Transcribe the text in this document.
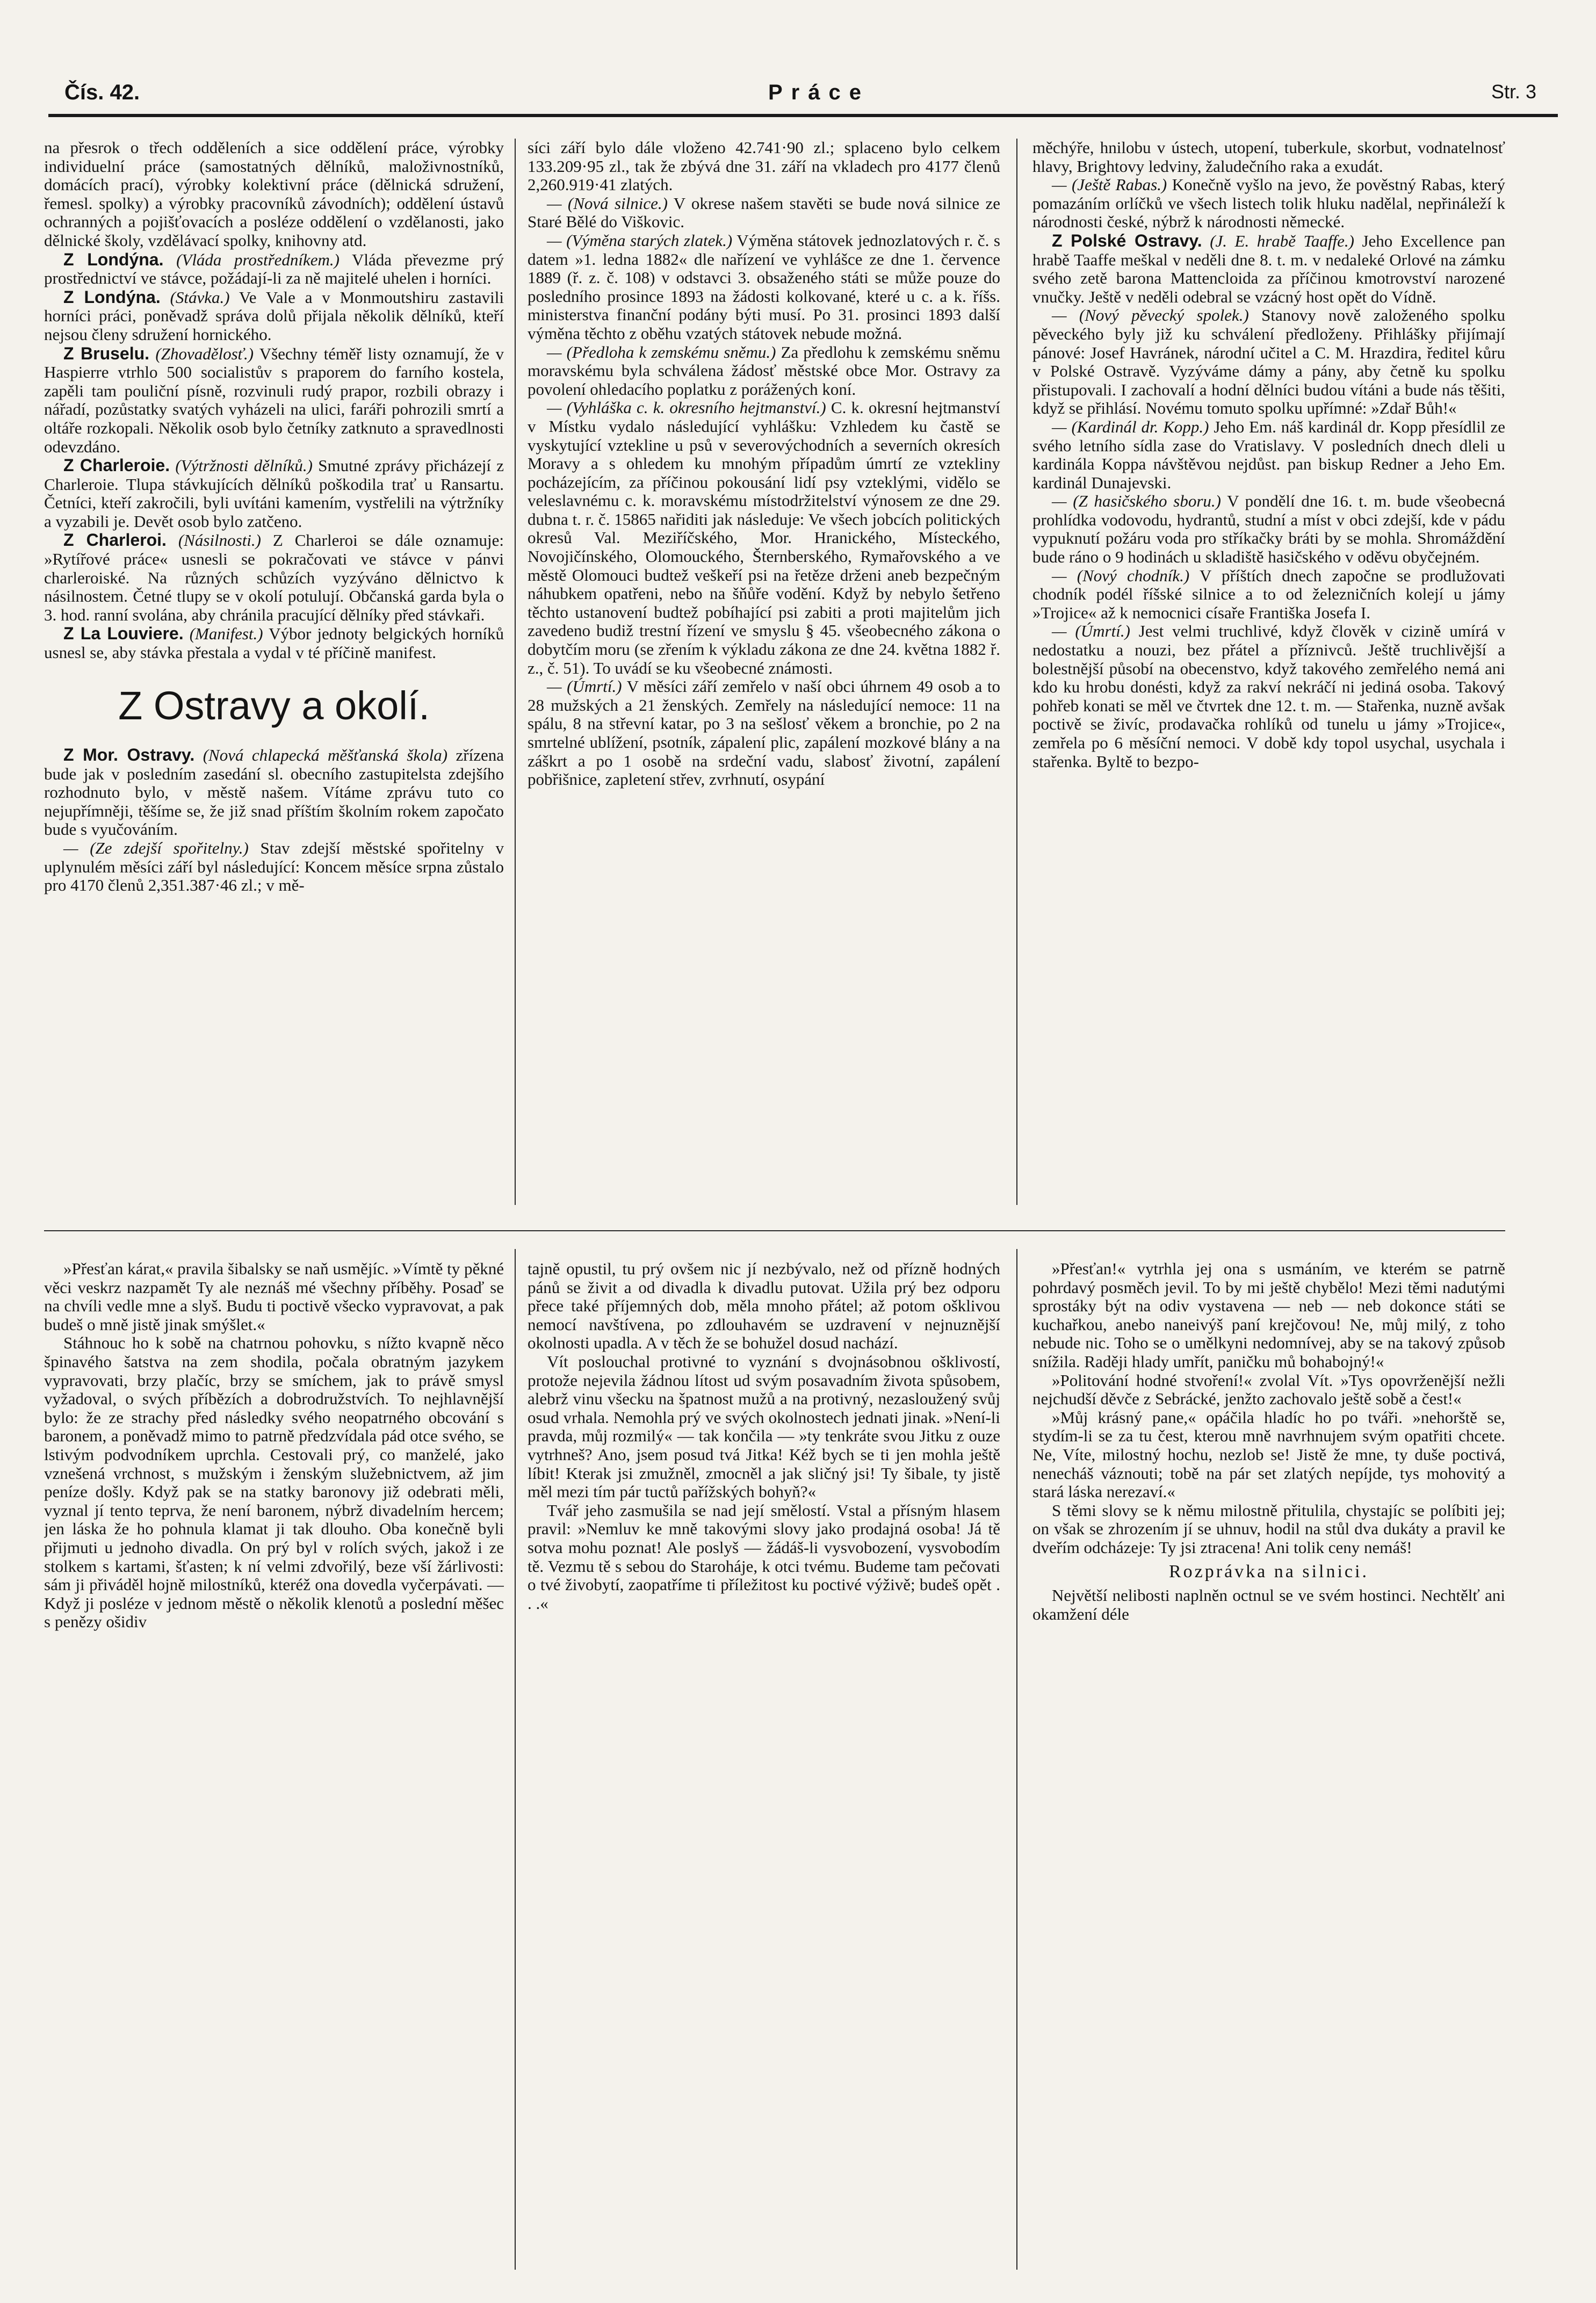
Čís. 42.	Práce	Str. 3

na přesrok o třech odděleních a sice oddělení práce, výrobky individuelní práce (samostatných dělníků, maloživnostníků, domácích prací), výrobky kolektivní práce (dělnická sdružení, řemesl. spolky) a výrobky pracovníků závodních); oddělení ústavů ochranných a pojišťovacích a posléze oddělení o vzdělanosti, jako dělnické školy, vzdělávací spolky, knihovny atd.

Z Londýna. (Vláda prostředníkem.) Vláda převezme prý prostřednictví ve stávce, požádají-li za ně majitelé uhelen i horníci.

Z Londýna. (Stávka.) Ve Vale a v Monmoutshiru zastavili horníci práci, poněvadž správa dolů přijala několik dělníků, kteří nejsou členy sdružení hornického.

Z Bruselu. (Zhovadělosť.) Všechny téměř listy oznamují, že v Haspierre vtrhlo 500 socialistův s praporem do farního kostela, zapěli tam pouliční písně, rozvinuli rudý prapor, rozbili obrazy i nářadí, pozůstatky svatých vyházeli na ulici, faráři pohrozili smrtí a oltáře rozkopali. Několik osob bylo četníky zatknuto a spravedlnosti odevzdáno.

Z Charleroie. (Výtržnosti dělníků.) Smutné zprávy přicházejí z Charleroie. Tlupa stávkujících dělníků poškodila trať u Ransartu. Četníci, kteří zakročili, byli uvítáni kamením, vystřelili na výtržníky a vyzabili je. Devět osob bylo zatčeno.

Z Charleroi. (Násilnosti.) Z Charleroi se dále oznamuje: »Rytířové práce« usnesli se pokračovati ve stávce v pánvi charleroiské. Na různých schůzích vyzýváno dělnictvo k násilnostem. Četné tlupy se v okolí potulují. Občanská garda byla o 3. hod. ranní svolána, aby chránila pracující dělníky před stávkaři.

Z La Louviere. (Manifest.) Výbor jednoty belgických horníků usnesl se, aby stávka přestala a vydal v té příčině manifest.

Z Ostravy a okolí.

Z Mor. Ostravy. (Nová chlapecká měšťanská škola) zřízena bude jak v posledním zasedání sl. obecního zastupitelsta zdejšího rozhodnuto bylo, v městě našem. Vítáme zprávu tuto co nejupřímněji, těšíme se, že již snad příštím školním rokem započato bude s vyučováním.

— (Ze zdejší spořitelny.) Stav zdejší městské spořitelny v uplynulém měsíci září byl následující: Koncem měsíce srpna zůstalo pro 4170 členů 2,351.387·46 zl.; v mě-

síci září bylo dále vloženo 42.741·90 zl.; splaceno bylo celkem 133.209·95 zl., tak že zbývá dne 31. září na vkladech pro 4177 členů 2,260.919·41 zlatých.

— (Nová silnice.) V okrese našem stavěti se bude nová silnice ze Staré Bělé do Viškovic.

— (Výměna starých zlatek.) Výměna státovek jednozlatových r. č. s datem »1. ledna 1882« dle nařízení ve vyhlášce ze dne 1. července 1889 (ř. z. č. 108) v odstavci 3. obsaženého státi se může pouze do posledního prosince 1893 na žádosti kolkované, které u c. a k. říšs. ministerstva finanční podány býti musí. Po 31. prosinci 1893 další výměna těchto z oběhu vzatých státovek nebude možná.

— (Předloha k zemskému sněmu.) Za předlohu k zemskému sněmu moravskému byla schválena žádosť městské obce Mor. Ostravy za povolení ohledacího poplatku z porážených koní.

— (Vyhláška c. k. okresního hejtmanství.) C. k. okresní hejtmanství v Místku vydalo následující vyhlášku: Vzhledem ku častě se vyskytující vztekline u psů v severovýchodních a severních okresích Moravy a s ohledem ku mnohým případům úmrtí ze vztekliny pocházejícím, za příčinou pokousání lidí psy vzteklými, vidělo se veleslavnému c. k. moravskému místodržitelství výnosem ze dne 29. dubna t. r. č. 15865 nařiditi jak následuje: Ve všech jobcích politických okresů Val. Meziříčského, Mor. Hranického, Místeckého, Novojičínského, Olomouckého, Šternberského, Rymařovského a ve městě Olomouci budtež veškeří psi na řetěze drženi aneb bezpečným náhubkem opatřeni, nebo na šňůře vodění. Když by nebylo šetřeno těchto ustanovení budtež pobíhající psi zabiti a proti majitelům jich zavedeno budiž trestní řízení ve smyslu § 45. všeobecného zákona o dobytčím moru (se zřením k výkladu zákona ze dne 24. května 1882 ř. z., č. 51). To uvádí se ku všeobecné známosti.

— (Úmrtí.) V měsíci září zemřelo v naší obci úhrnem 49 osob a to 28 mužských a 21 ženských. Zemřely na následující nemoce: 11 na spálu, 8 na střevní katar, po 3 na sešlosť věkem a bronchie, po 2 na smrtelné ublížení, psotník, zápalení plic, zapálení mozkové blány a na záškrt a po 1 osobě na srdeční vadu, slabosť životní, zapálení pobřišnice, zapletení střev, zvrhnutí, osypání

měchýře, hnilobu v ústech, utopení, tuberkule, skorbut, vodnatelnosť hlavy, Brightovy ledviny, žaludečního raka a exudát.

— (Ještě Rabas.) Konečně vyšlo na jevo, že pověstný Rabas, který pomazáním orlíčků ve všech listech tolik hluku nadělal, nepřináleží k národnosti české, nýbrž k národnosti německé.

Z Polské Ostravy. (J. E. hrabě Taaffe.) Jeho Excellence pan hrabě Taaffe meškal v neděli dne 8. t. m. v nedaleké Orlové na zámku svého zetě barona Mattencloida za příčinou kmotrovství narozené vnučky. Ještě v neděli odebral se vzácný host opět do Vídně.

— (Nový pěvecký spolek.) Stanovy nově založeného spolku pěveckého byly již ku schválení předloženy. Přihlášky přijímají pánové: Josef Havránek, národní učitel a C. M. Hrazdira, ředitel kůru v Polské Ostravě. Vyzýváme dámy a pány, aby četně ku spolku přistupovali. I zachovalí a hodní dělníci budou vítáni a bude nás těšiti, když se přihlásí. Novému tomuto spolku upřímné: »Zdař Bůh!«

— (Kardinál dr. Kopp.) Jeho Em. náš kardinál dr. Kopp přesídlil ze svého letního sídla zase do Vratislavy. V posledních dnech dleli u kardinála Koppa návštěvou nejdůst. pan biskup Redner a Jeho Em. kardinál Dunajevski.

— (Z hasičského sboru.) V pondělí dne 16. t. m. bude všeobecná prohlídka vodovodu, hydrantů, studní a míst v obci zdejší, kde v pádu vypuknutí požáru voda pro stříkačky bráti by se mohla. Shromáždění bude ráno o 9 hodinách u skladiště hasičského v oděvu obyčejném.

— (Nový chodník.) V příštích dnech započne se prodlužovati chodník podél říšské silnice a to od železničních kolejí u jámy »Trojice« až k nemocnici císaře Františka Josefa I.

— (Úmrtí.) Jest velmi truchlivé, když člověk v cizině umírá v nedostatku a nouzi, bez přátel a příznivců. Ještě truchlivější a bolestnější působí na obecenstvo, když takového zemřelého nemá ani kdo ku hrobu donésti, když za rakví nekráčí ni jediná osoba. Takový pohřeb konati se měl ve čtvrtek dne 12. t. m. — Stařenka, nuzně avšak poctivě se živíc, prodavačka rohlíků od tunelu u jámy »Trojice«, zemřela po 6 měsíční nemoci. V době kdy topol usychal, usychala i stařenka. Byltě to bezpo-

»Přesťan kárat,« pravila šibalsky se naň usmějíc. »Vímtě ty pěkné věci veskrz nazpamět Ty ale neznáš mé všechny příběhy. Posaď se na chvíli vedle mne a slyš. Budu ti poctivě všecko vypravovat, a pak budeš o mně jistě jinak smýšlet.«

Stáhnouc ho k sobě na chatrnou pohovku, s nížto kvapně něco špinavého šatstva na zem shodila, počala obratným jazykem vypravovati, brzy plačíc, brzy se smíchem, jak to právě smysl vyžadoval, o svých příbězích a dobrodružstvích. To nejhlavnější bylo: že ze strachy před následky svého neopatrného obcování s baronem, a poněvadž mimo to patrně předzvídala pád otce svého, se lstivým podvodníkem uprchla. Cestovali prý, co manželé, jako vznešená vrchnost, s mužským i ženským služebnictvem, až jim peníze došly. Když pak se na statky baronovy již odebrati měli, vyznal jí tento teprva, že není baronem, nýbrž divadelním hercem; jen láska že ho pohnula klamat ji tak dlouho. Oba konečně byli přijmuti u jednoho divadla. On prý byl v rolích svých, jakož i ze stolkem s kartami, šťasten; k ní velmi zdvořilý, beze vší žárlivosti: sám ji přiváděl hojně milostníků, kteréž ona dovedla vyčerpávati. — Když ji posléze v jednom městě o několik klenotů a poslední měšec s penězy ošidiv

tajně opustil, tu prý ovšem nic jí nezbývalo, než od přízně hodných pánů se živit a od divadla k divadlu putovat. Užila prý bez odporu přece také příjemných dob, měla mnoho přátel; až potom ošklivou nemocí navštívena, po zdlouhavém se uzdravení v nejnuznější okolnosti upadla. A v těch že se bohužel dosud nachází.

Vít poslouchal protivné to vyznání s dvojnásobnou ošklivostí, protože nejevila žádnou lítost ud svým posavadním života spůsobem, alebrž vinu všecku na špatnost mužů a na protivný, nezasloužený svůj osud vrhala. Nemohla prý ve svých okolnostech jednati jinak. »Není-li pravda, můj rozmilý« — tak končila — »ty tenkráte svou Jitku z ouze vytrhneš? Ano, jsem posud tvá Jitka! Kéž bych se ti jen mohla ještě líbit! Kterak jsi zmužněl, zmocněl a jak sličný jsi! Ty šibale, ty jistě měl mezi tím pár tuctů pařížských bohyň?«

Tvář jeho zasmušila se nad její smělostí. Vstal a přísným hlasem pravil: »Nemluv ke mně takovými slovy jako prodajná osoba! Já tě sotva mohu poznat! Ale poslyš — žádáš-li vysvobození, vysvobodím tě. Vezmu tě s sebou do Starohájе, k otci tvému. Budeme tam pečovati o tvé živobytí, zaopatříme ti příležitost ku poctivé výživě; budeš opět . . .«

»Přesťan!« vytrhla jej ona s usmáním, ve kterém se patrně pohrdavý posměch jevil. To by mi ještě chybělo! Mezi těmi nadutými sprostáky být na odiv vystavena — neb — neb dokonce státi se kuchařkou, anebo naneivýš paní krejčovou! Ne, můj milý, z toho nebude nic. Toho se o umělkyni nedomnívej, aby se na takový způsob snížila. Raději hlady umřít, paničku mů bohabojný!«

»Politování hodné stvoření!« zvolal Vít. »Tys opovrženější nežli nejchudší děvče z Sebrácké, jenžto zachovalo ještě sobě a čest!«

»Můj krásný pane,« opáčila hladíc ho po tváři. »nehorště se, stydím-li se za tu čest, kterou mně navrhnujem svým opatřiti chcete. Ne, Víte, milostný hochu, nezlob se! Jistě že mne, ty duše poctivá, nenecháš váznouti; tobě na pár set zlatých nepíjde, tys mohovitý a stará láska nerezaví.«

S těmi slovy se k němu milostně přitulila, chystajíc se políbiti jej; on však se zhrozením jí se uhnuv, hodil na stůl dva dukáty a pravil ke dveřím odcházeje: Ty jsi ztracena! Ani tolik cenу nemáš!

Rozprávka na silnici.

Největší nelibosti naplněn octnul se ve svém hostinci. Nechtělť ani okamžení déle
